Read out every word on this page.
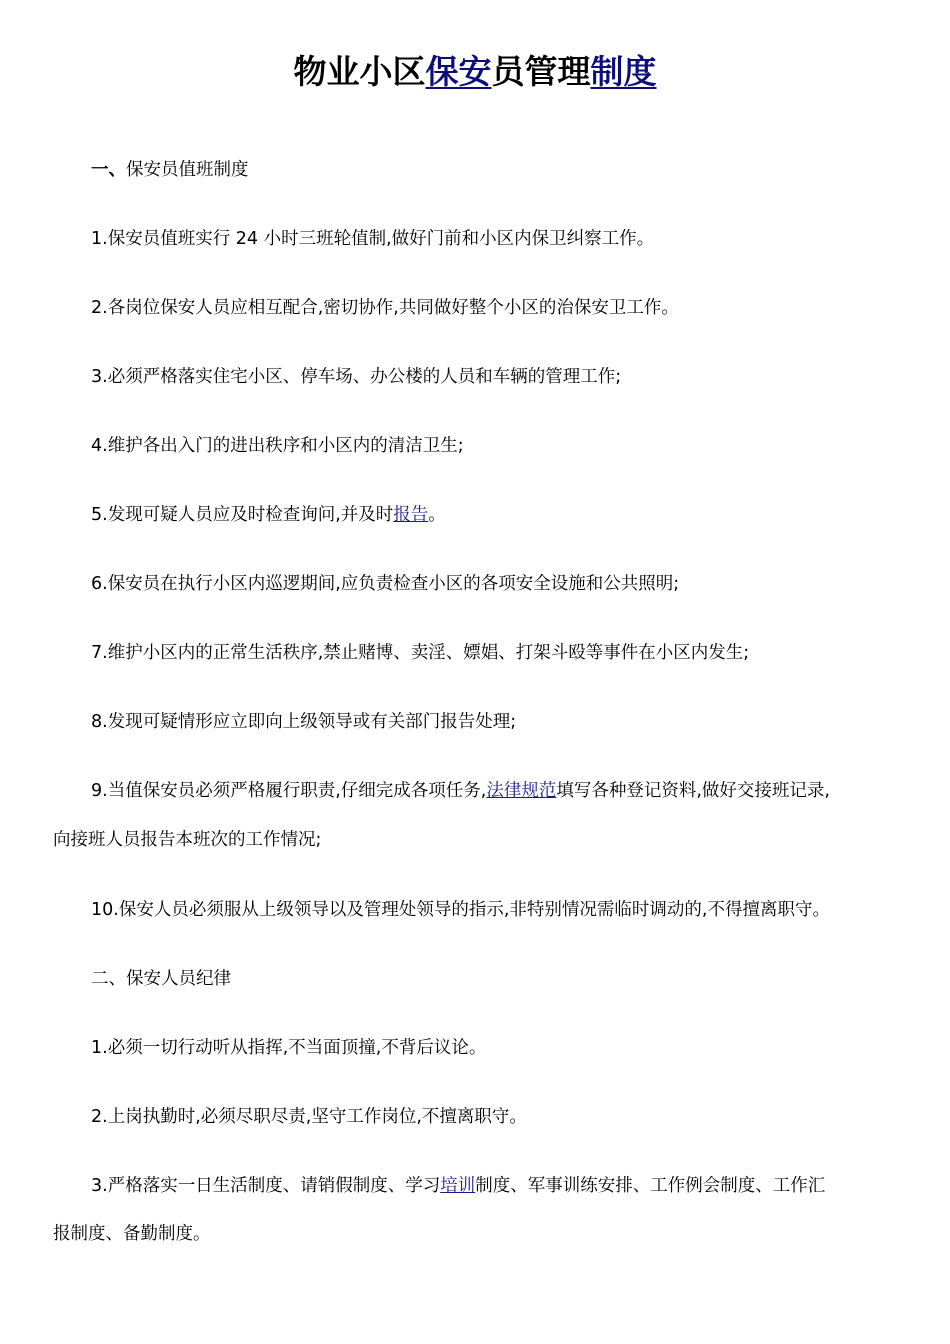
物业小区保安员管理制度

一、保安员值班制度

1.保安员值班实行 24 小时三班轮值制,做好门前和小区内保卫纠察工作。

2.各岗位保安人员应相互配合,密切协作,共同做好整个小区的治保安卫工作。

3.必须严格落实住宅小区、停车场、办公楼的人员和车辆的管理工作;

4.维护各出入门的进出秩序和小区内的清洁卫生;

5.发现可疑人员应及时检查询问,并及时报告。

6.保安员在执行小区内巡逻期间,应负责检查小区的各项安全设施和公共照明;

7.维护小区内的正常生活秩序,禁止赌博、卖淫、嫖娼、打架斗殴等事件在小区内发生;

8.发现可疑情形应立即向上级领导或有关部门报告处理;

9.当值保安员必须严格履行职责,仔细完成各项任务,法律规范填写各种登记资料,做好交接班记录,

向接班人员报告本班次的工作情况;

10.保安人员必须服从上级领导以及管理处领导的指示,非特别情况需临时调动的,不得擅离职守。

二、保安人员纪律

1.必须一切行动听从指挥,不当面顶撞,不背后议论。

2.上岗执勤时,必须尽职尽责,坚守工作岗位,不擅离职守。

3.严格落实一日生活制度、请销假制度、学习培训制度、军事训练安排、工作例会制度、工作汇

报制度、备勤制度。
